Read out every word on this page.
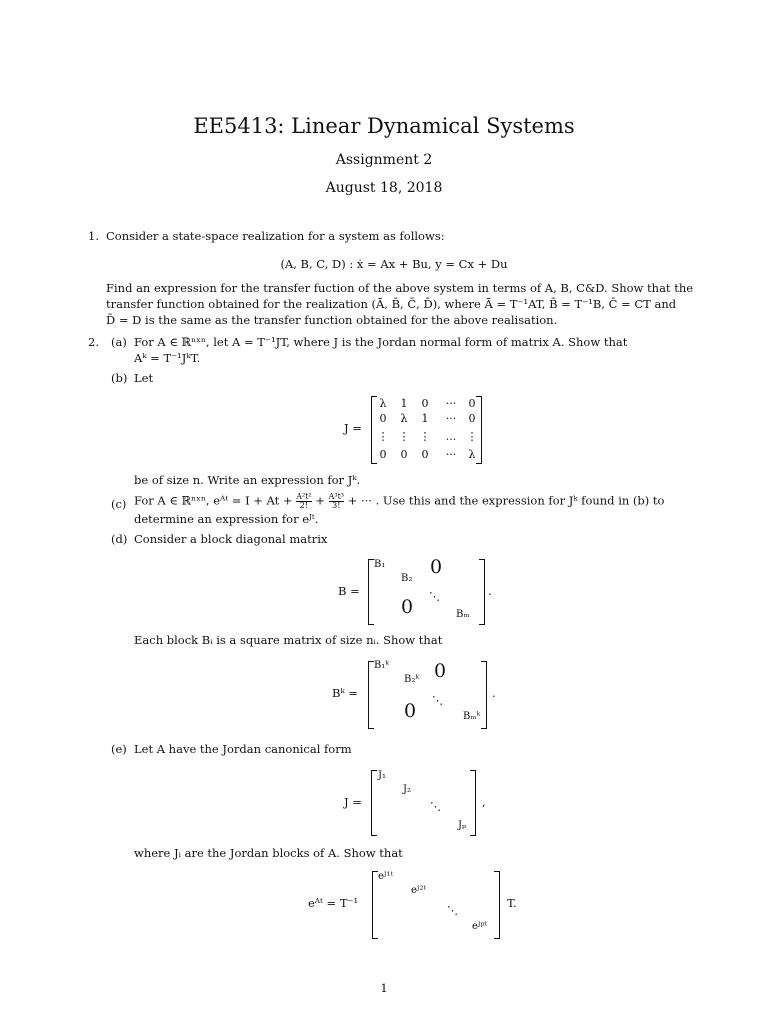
EE5413: Linear Dynamical Systems
Assignment 2
August 18, 2018
1. Consider a state-space realization for a system as follows:
(A, B, C, D) : ẋ = Ax + Bu, y = Cx + Du
Find an expression for the transfer fuction of the above system in terms of A, B, C&D. Show that the
transfer function obtained for the realization (Ā, B̄, C̄, D̄), where Ā = T⁻¹AT, B̄ = T⁻¹B, C̄ = CT and
D̄ = D is the same as the transfer function obtained for the above realisation.
2. (a) For A ∈ ℝⁿˣⁿ, let A = T⁻¹JT, where J is the Jordan normal form of matrix A. Show that
Aᵏ = T⁻¹JᵏT.
(b) Let
J =
λ	1	0	···	0
0	λ	1	···	0
⋮ ⋮ ⋮	... ⋮
0	0	0	···	λ
be of size n. Write an expression for Jᵏ.
(c) For A ∈ ℝⁿˣⁿ, eᴬᵗ = $I + At + \frac{\text{A²t²}}{2!} + \frac{\text{A³t³}}{3!}$ + ··· . Use this and the expression for Jᵏ found in (b) to
determine an expression for eᴶᵗ.
(d) Consider a block diagonal matrix
B =
B₁
B₂
0
⋱
0	Bₘ
.
Each block Bᵢ is a square matrix of size nᵢ. Show that
Bᵏ =
B₁ᵏ
B₂ᵏ 0
⋱
0	Bₘᵏ
.
(e) Let A have the Jordan canonical form
J =
J₁
J₂
⋱
Jₚ
,
where Jᵢ are the Jordan blocks of A. Show that
eᴬᵗ = T⁻¹
eᴶ¹ᵗ
eᴶ²ᵗ
⋱
eᴶᵖᵗ
T.
1
